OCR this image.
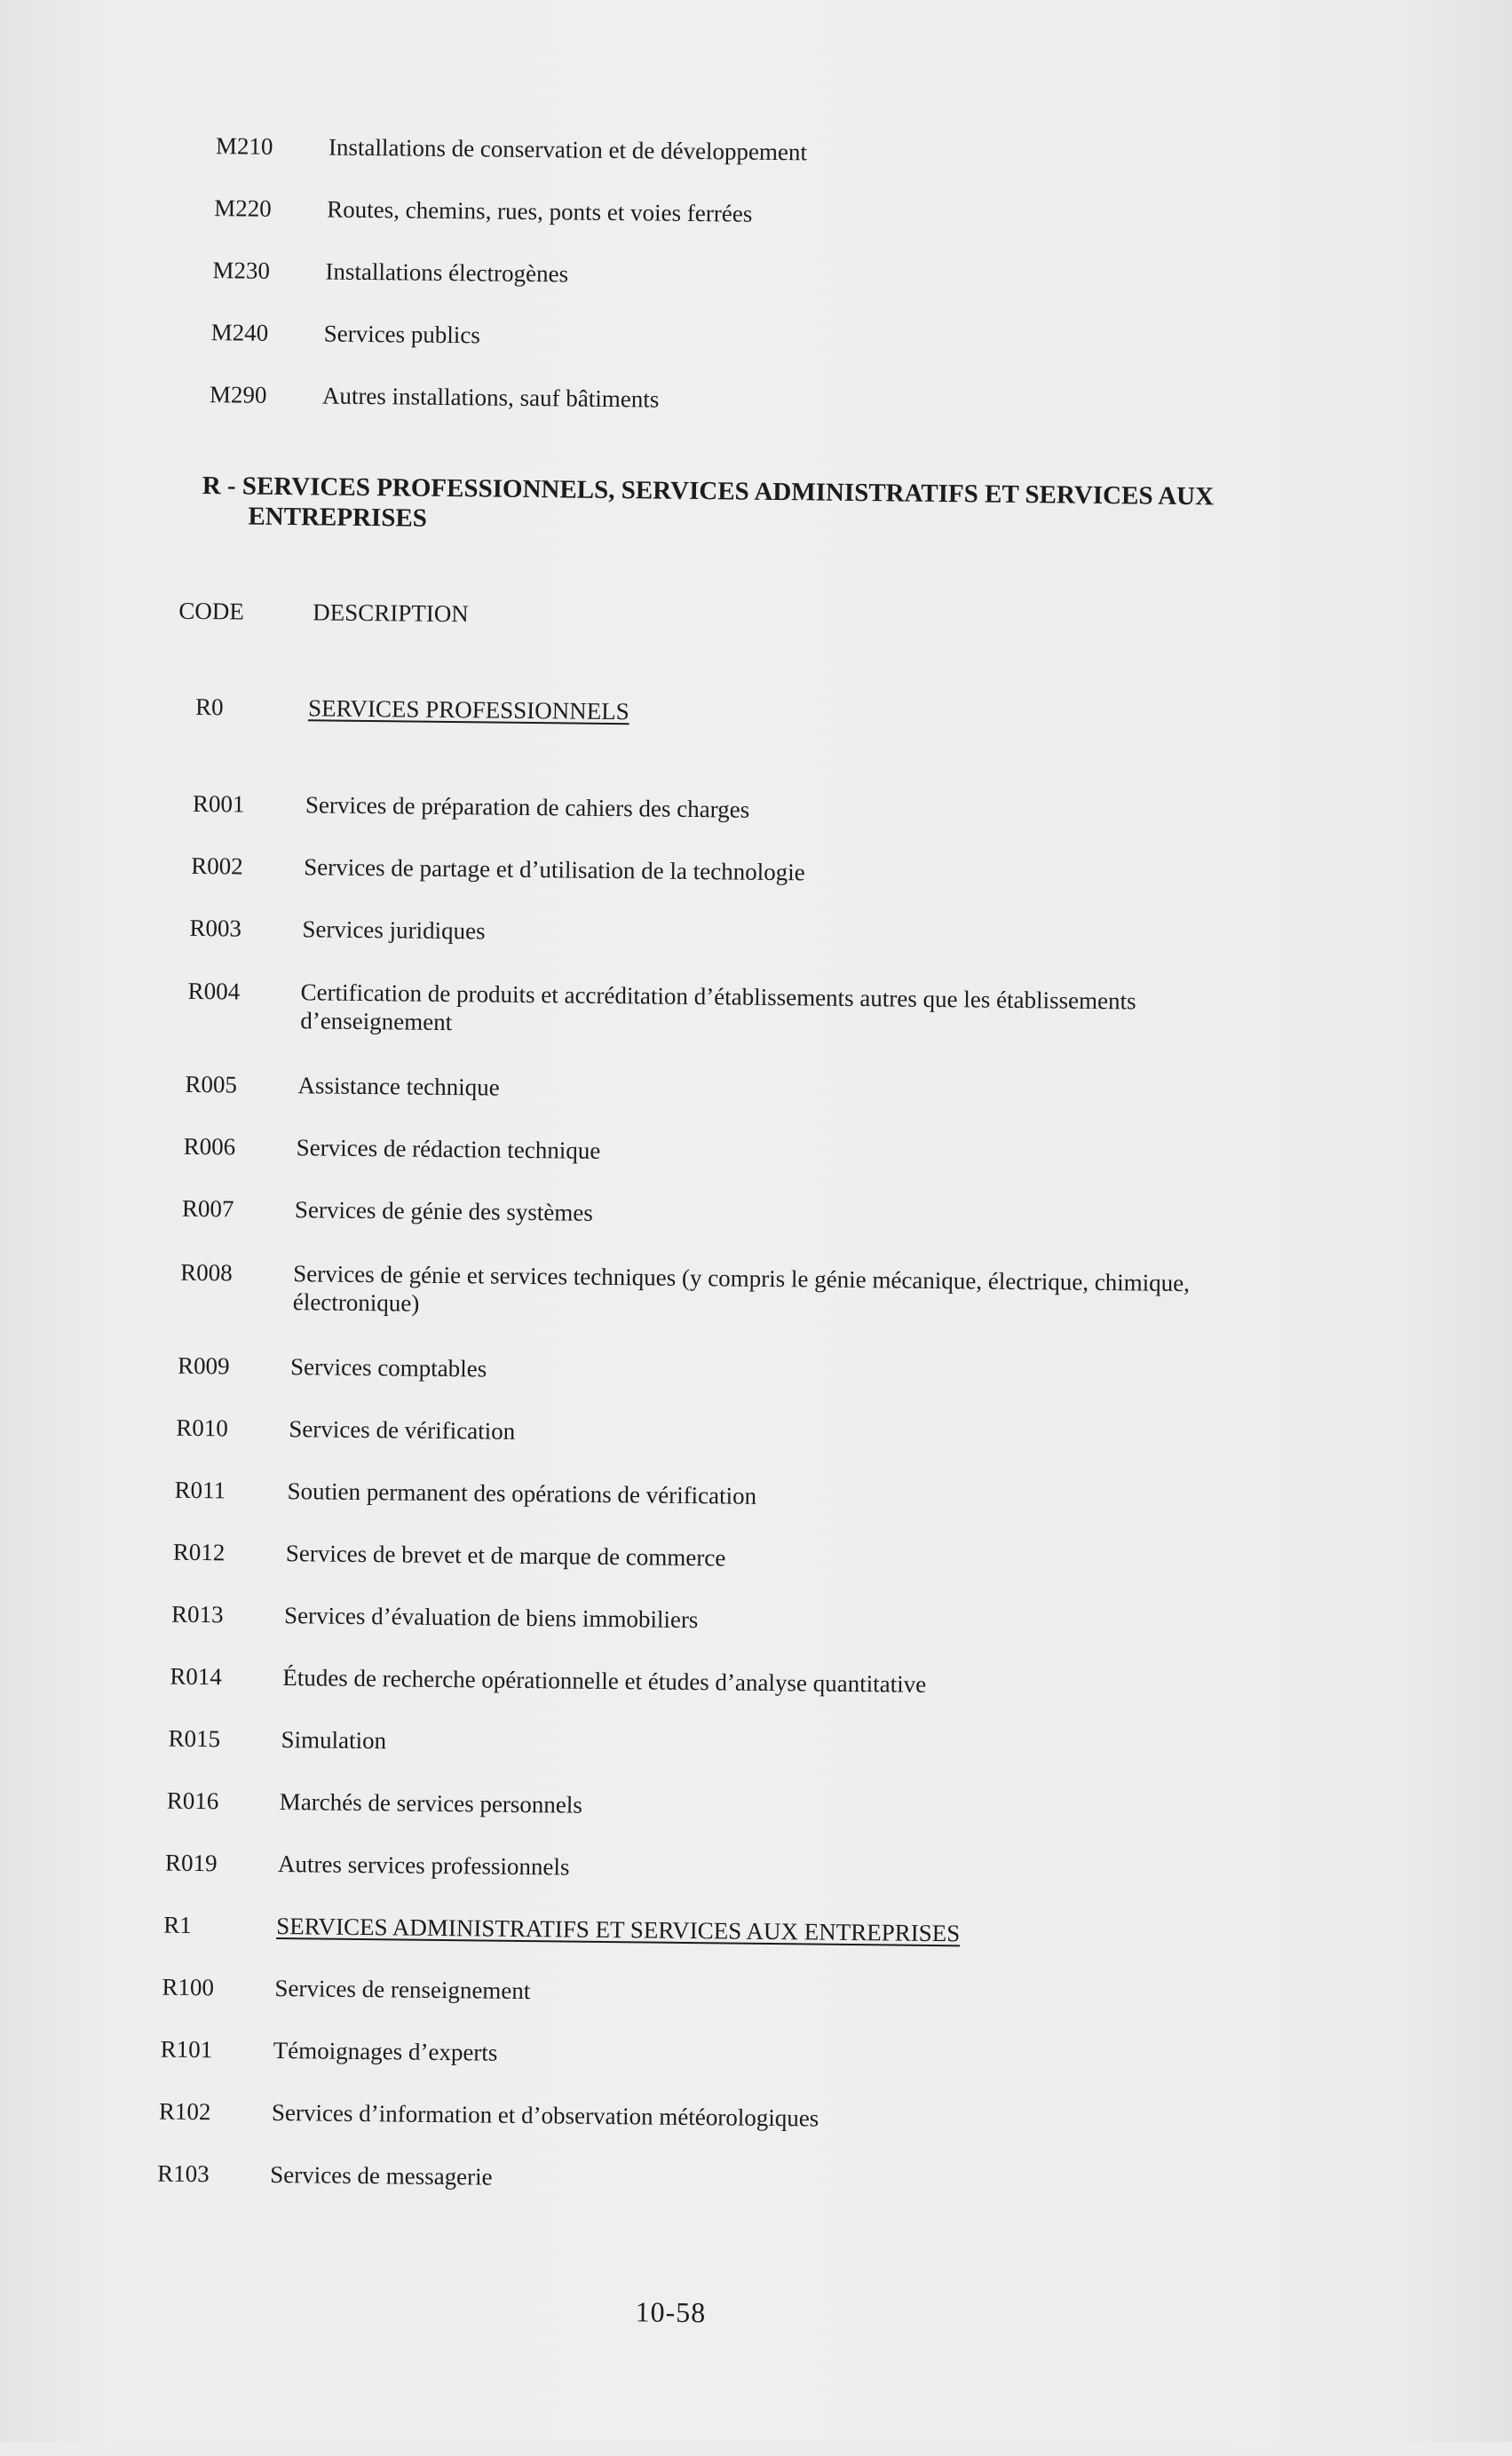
M210	Installations de conservation et de développement
M220	Routes, chemins, rues, ponts et voies ferrées
M230	Installations électrogènes
M240	Services publics
M290	Autres installations, sauf bâtiments
R - SERVICES PROFESSIONNELS, SERVICES ADMINISTRATIFS ET SERVICES AUX
ENTREPRISES
CODE	DESCRIPTION
R0	SERVICES PROFESSIONNELS
R001	Services de préparation de cahiers des charges
R002	Services de partage et d’utilisation de la technologie
R003	Services juridiques
R004	Certification de produits et accréditation d’établissements autres que les établissements d’enseignement
R005	Assistance technique
R006	Services de rédaction technique
R007	Services de génie des systèmes
R008	Services de génie et services techniques (y compris le génie mécanique, électrique, chimique, électronique)
R009	Services comptables
R010	Services de vérification
R011	Soutien permanent des opérations de vérification
R012	Services de brevet et de marque de commerce
R013	Services d’évaluation de biens immobiliers
R014	Études de recherche opérationnelle et études d’analyse quantitative
R015	Simulation
R016	Marchés de services personnels
R019	Autres services professionnels
R1	SERVICES ADMINISTRATIFS ET SERVICES AUX ENTREPRISES
R100	Services de renseignement
R101	Témoignages d’experts
R102	Services d’information et d’observation météorologiques
R103	Services de messagerie
10-58
